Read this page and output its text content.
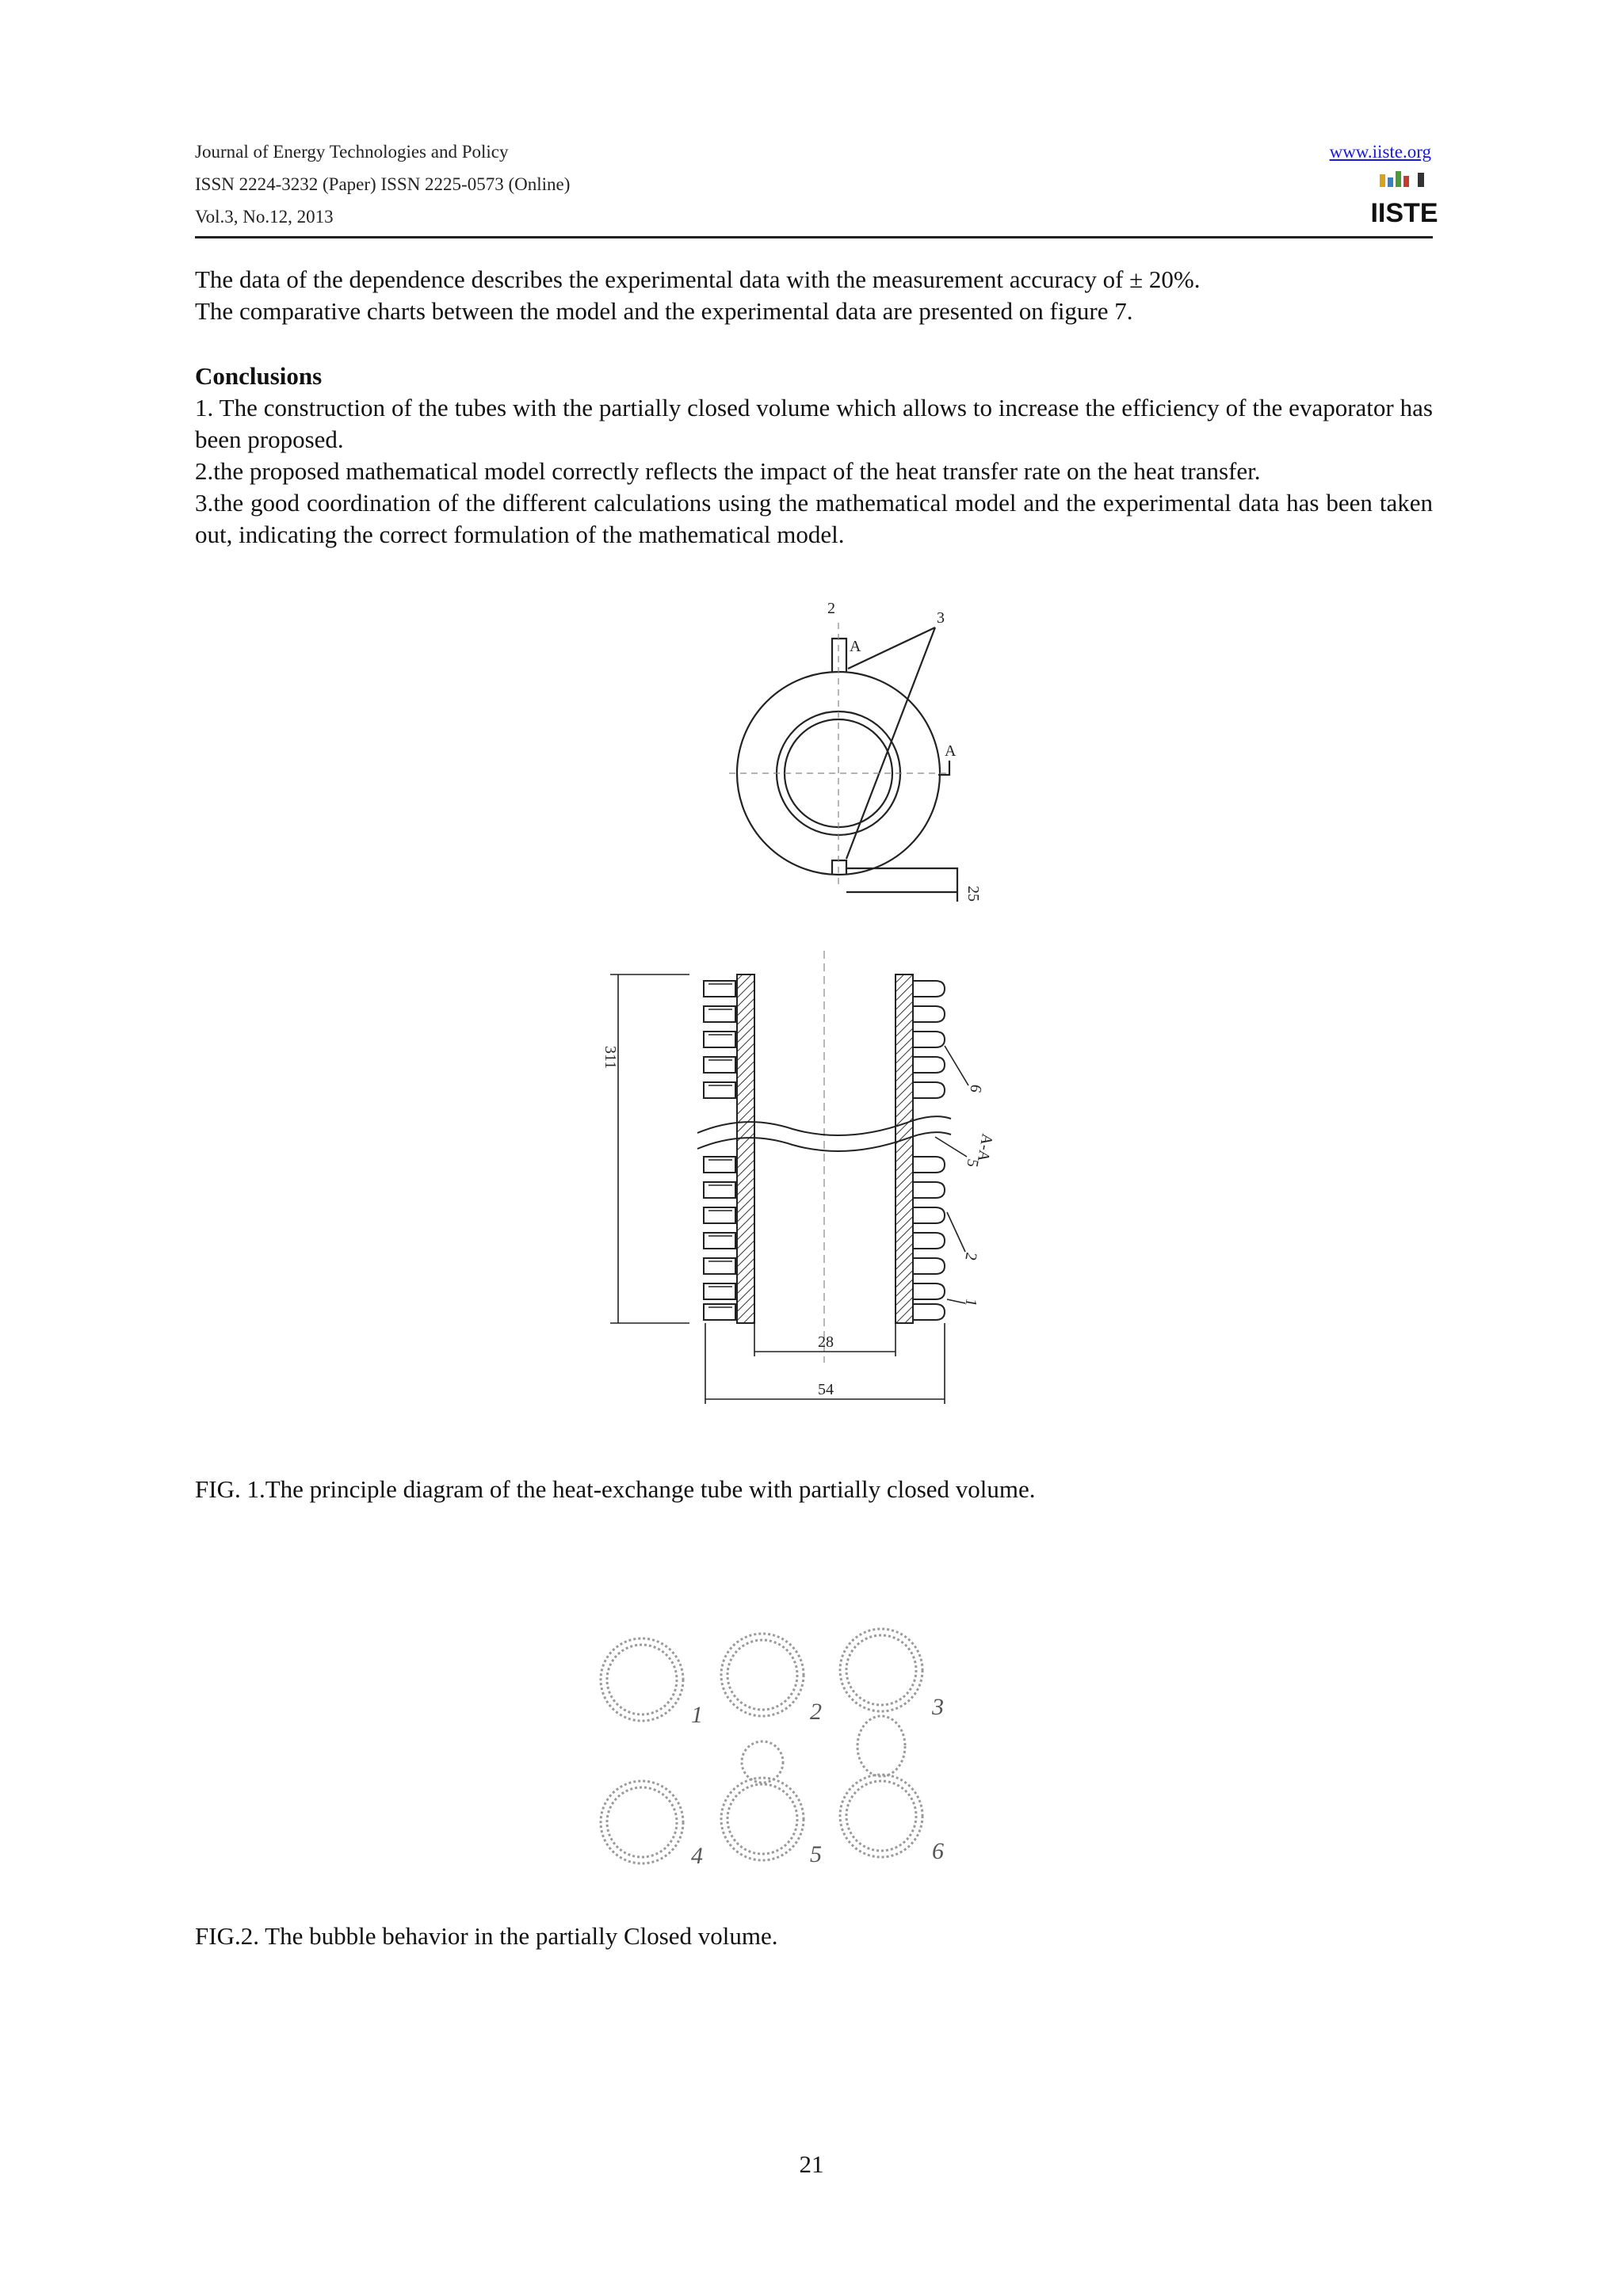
Journal of Energy Technologies and Policy
ISSN 2224-3232 (Paper) ISSN 2225-0573 (Online)
Vol.3, No.12, 2013
www.iiste.org
IISTE

The data of the dependence describes the experimental data with the measurement accuracy of ± 20%.

The comparative charts between the model and the experimental data are presented on figure 7.

Conclusions

1. The construction of the tubes with the partially closed volume which allows to increase the efficiency of the evaporator has been proposed.

2.the proposed mathematical model correctly reflects the impact of the heat transfer rate on the heat transfer.

3.the good coordination of the different calculations using the mathematical model and the experimental data has been taken out, indicating the correct formulation of the mathematical model.

2
3
A
A
25
311
28
54
6
5
A-A
2
1
FIG. 1.The principle diagram of the heat-exchange tube with partially closed volume.
1	2	3
4	5	6
FIG.2. The bubble behavior in the partially Closed volume.
21
